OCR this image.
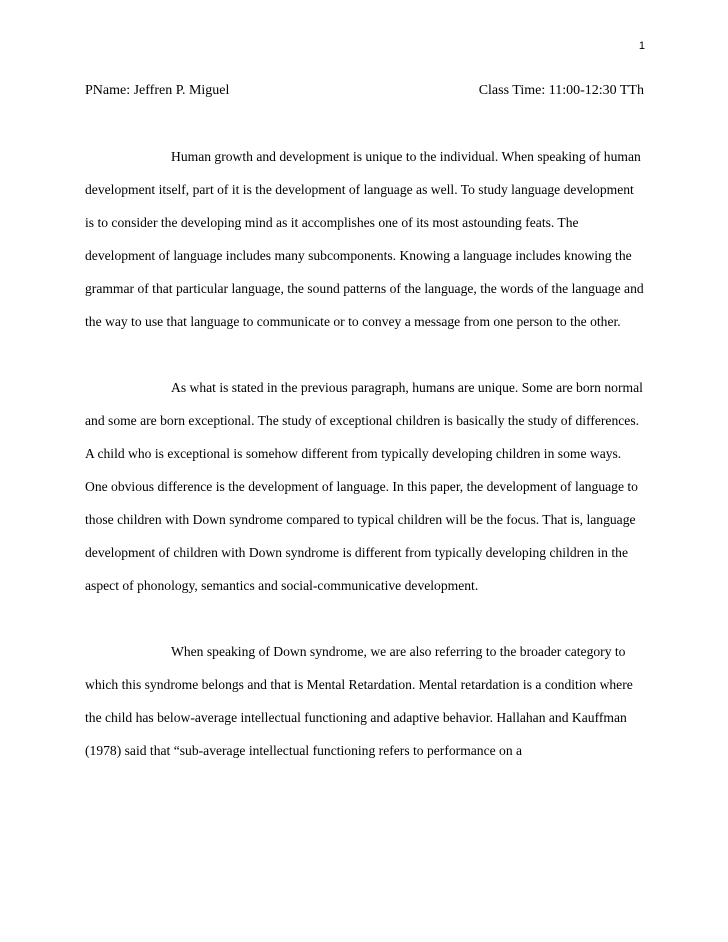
1
PName: Jeffren P. Miguel	Class Time: 11:00-12:30 TTh

Human growth and development is unique to the individual. When speaking of human development itself, part of it is the development of language as well. To study language development is to consider the developing mind as it accomplishes one of its most astounding feats. The development of language includes many subcomponents. Knowing a language includes knowing the grammar of that particular language, the sound patterns of the language, the words of the language and the way to use that language to communicate or to convey a message from one person to the other.

As what is stated in the previous paragraph, humans are unique. Some are born normal and some are born exceptional. The study of exceptional children is basically the study of differences. A child who is exceptional is somehow different from typically developing children in some ways. One obvious difference is the development of language. In this paper, the development of language to those children with Down syndrome compared to typical children will be the focus. That is, language development of children with Down syndrome is different from typically developing children in the aspect of phonology, semantics and social-communicative development.

When speaking of Down syndrome, we are also referring to the broader category to which this syndrome belongs and that is Mental Retardation. Mental retardation is a condition where the child has below-average intellectual functioning and adaptive behavior. Hallahan and Kauffman (1978) said that “sub-average intellectual functioning refers to performance on a
